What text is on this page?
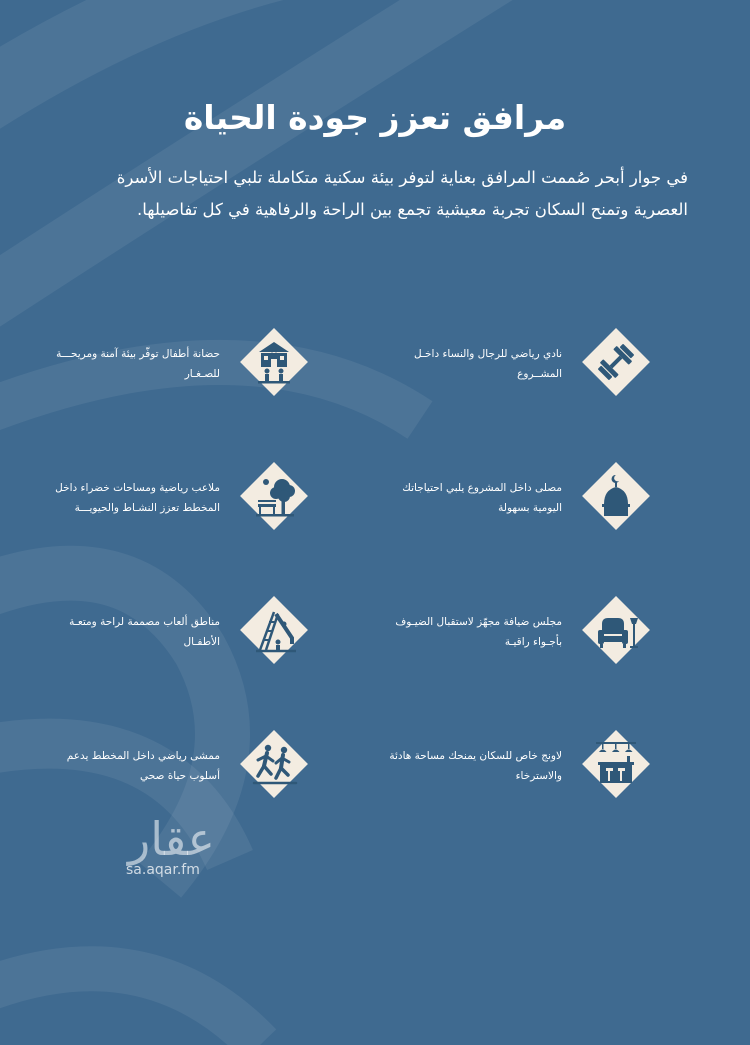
مرافق تعزز جودة الحياة
في جوار أبحر صُممت المرافق بعناية لتوفر بيئة سكنية متكاملة تلبي احتياجات الأسرة العصرية وتمنح السكان تجربة معيشية تجمع بين الراحة والرفاهية في كل تفاصيلها.
حضانة أطفال توفّر بيئة آمنة ومريحـــة للصـغـار
ملاعب رياضية ومساحات خضراء داخل المخطط تعزز النشـاط والحيويـــة
مناطق ألعاب مصممة لراحة ومتعـة الأطفـال
ممشى رياضي داخل المخطط يدعم أسلوب حياة صحي
نادي رياضي للرجال والنساء داخـل المشــروع
مصلى داخل المشروع يلبي احتياجاتك اليومية بسهولة
مجلس ضيافة مجهّز لاستقبال الضيـوف بأجـواء راقيـة
لاونج خاص للسكان يمنحك مساحة هادئة والاسترخاء
عقار
sa.aqar.fm
